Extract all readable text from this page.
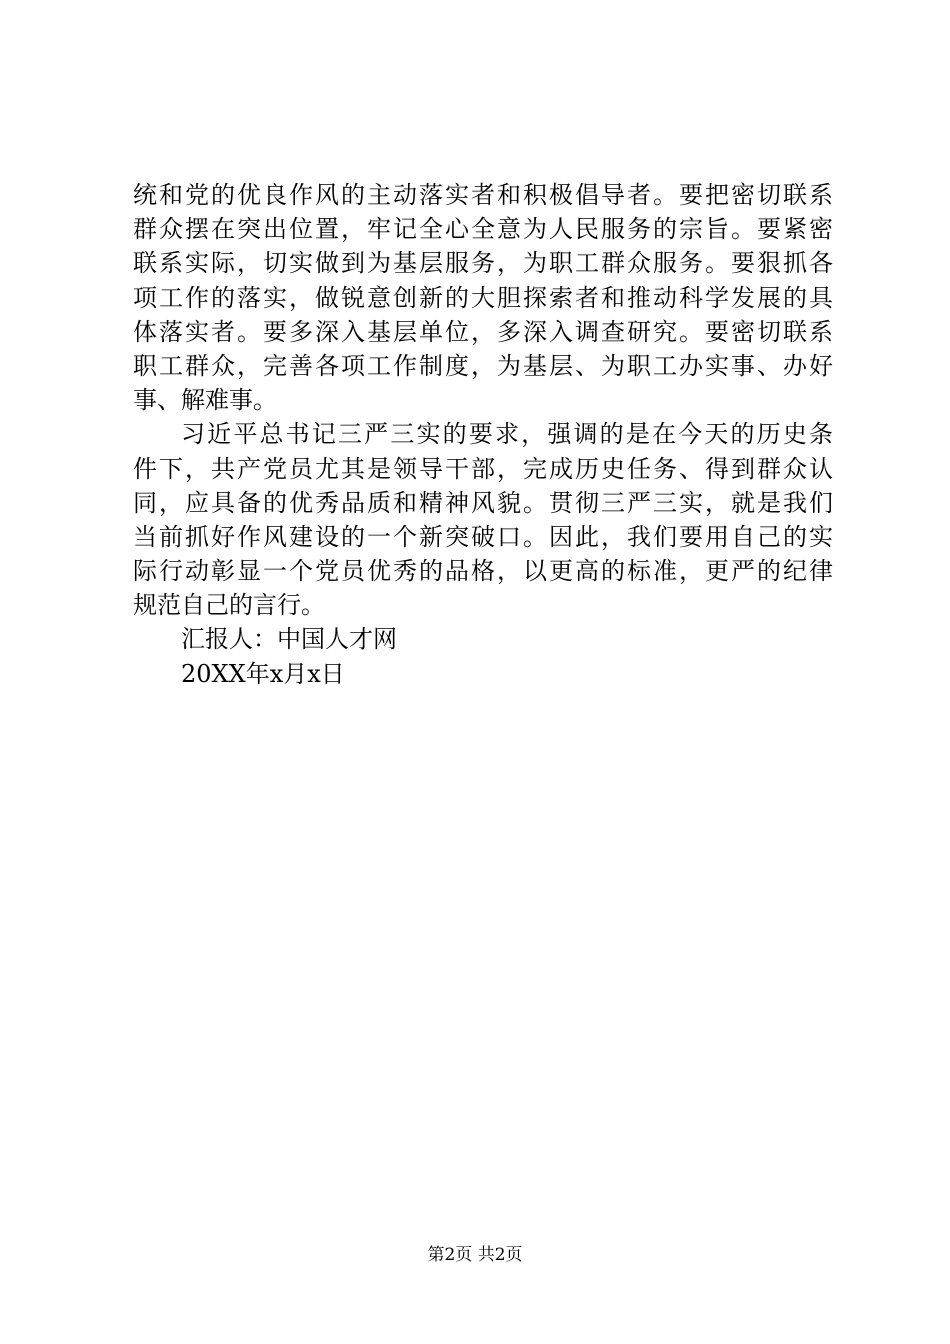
统和党的优良作风的主动落实者和积极倡导者。要把密切联系
群众摆在突出位置，牢记全心全意为人民服务的宗旨。要紧密
联系实际，切实做到为基层服务，为职工群众服务。要狠抓各
项工作的落实，做锐意创新的大胆探索者和推动科学发展的具
体落实者。要多深入基层单位，多深入调查研究。要密切联系
职工群众，完善各项工作制度，为基层、为职工办实事、办好
事、解难事。
习近平总书记三严三实的要求，强调的是在今天的历史条
件下，共产党员尤其是领导干部，完成历史任务、得到群众认
同，应具备的优秀品质和精神风貌。贯彻三严三实，就是我们
当前抓好作风建设的一个新突破口。因此，我们要用自己的实
际行动彰显一个党员优秀的品格，以更高的标准，更严的纪律
规范自己的言行。
汇报人：中国人才网
20XX年x月x日
第2页 共2页
